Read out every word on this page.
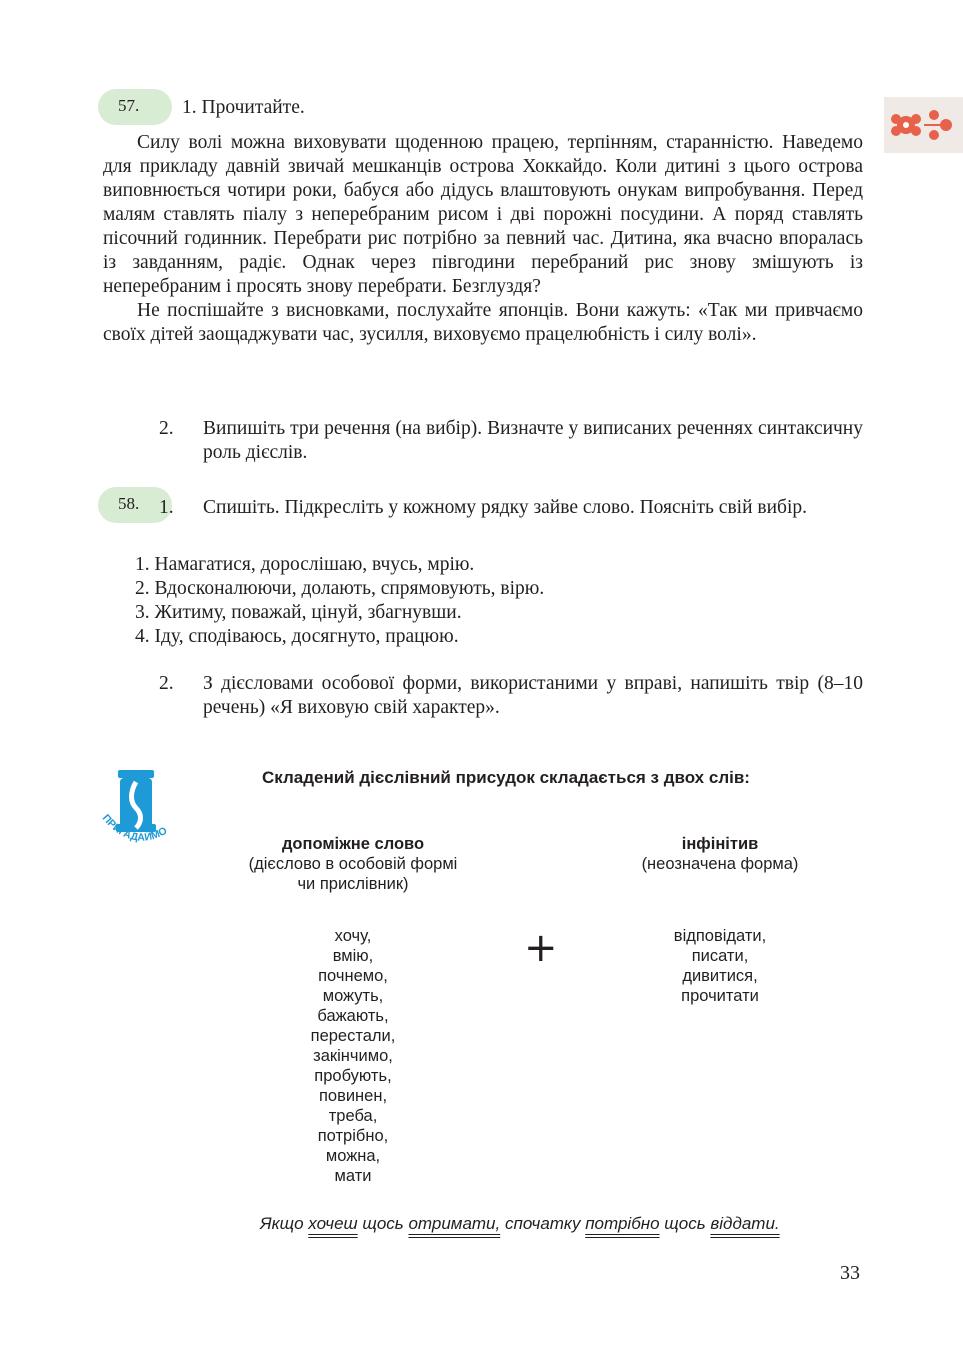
57.	1. Прочитайте.

Силу волі можна виховувати щоденною працею, терпінням, старанністю. Наведемо для прикладу давній звичай мешканців острова Хоккайдо. Коли дитині з цього острова виповнюється чотири роки, бабуся або дідусь влаштовують онукам випробування. Перед малям ставлять піалу з неперебраним рисом і дві порожні посудини. А поряд ставлять пісочний годинник. Перебрати рис потрібно за певний час. Дитина, яка вчасно впоралась із завданням, радіє. Однак через півгодини перебраний рис знову змішують із неперебраним і просять знову перебрати. Безглуздя?

Не поспішайте з висновками, послухайте японців. Вони кажуть: «Так ми привчаємо своїх дітей заощаджувати час, зусилля, виховуємо працелюбність і силу волі».

2. Випишіть три речення (на вибір). Визначте у виписаних реченнях синтаксичну роль дієслів.
58.	1. Спишіть. Підкресліть у кожному рядку зайве слово. Поясніть свій вибір.
1. Намагатися, дорослішаю, вчусь, мрію.
2. Вдосконалюючи, долають, спрямовують, вірю.
3. Житиму, поважай, цінуй, збагнувши.
4. Іду, сподіваюсь, досягнуто, працюю.
2. З дієсловами особової форми, використаними у вправі, напишіть твір (8–10 речень) «Я виховую свій характер».
ПРИГАДАЙМО
Складений дієслівний присудок складається з двох слів:
допоміжне слово
(дієслово в особовій формі
чи прислівник)
хочу,
вмію,
почнемо,
можуть,
бажають,
перестали,
закінчимо,
пробують,
повинен,
треба,
потрібно,
можна,
мати
+
інфінітив
(неозначена форма)
відповідати,
писати,
дивитися,
прочитати
Якщо хочеш щось отримати, спочатку потрібно щось віддати.
33
